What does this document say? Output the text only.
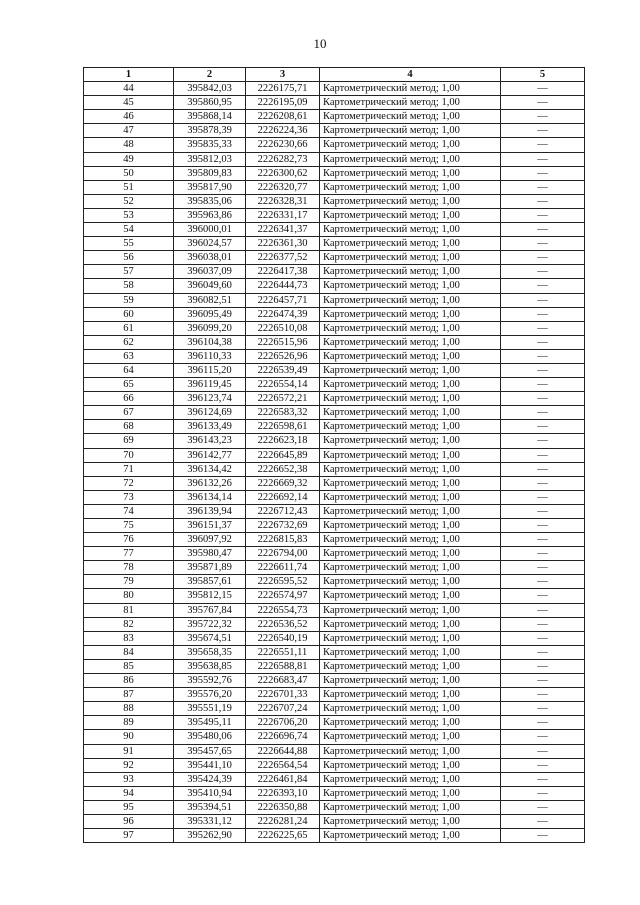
10
1	2	3	4	5
44	395842,03	2226175,71	Картометрический метод; 1,00	—
45	395860,95	2226195,09	Картометрический метод; 1,00	—
46	395868,14	2226208,61	Картометрический метод; 1,00	—
47	395878,39	2226224,36	Картометрический метод; 1,00	—
48	395835,33	2226230,66	Картометрический метод; 1,00	—
49	395812,03	2226282,73	Картометрический метод; 1,00	—
50	395809,83	2226300,62	Картометрический метод; 1,00	—
51	395817,90	2226320,77	Картометрический метод; 1,00	—
52	395835,06	2226328,31	Картометрический метод; 1,00	—
53	395963,86	2226331,17	Картометрический метод; 1,00	—
54	396000,01	2226341,37	Картометрический метод; 1,00	—
55	396024,57	2226361,30	Картометрический метод; 1,00	—
56	396038,01	2226377,52	Картометрический метод; 1,00	—
57	396037,09	2226417,38	Картометрический метод; 1,00	—
58	396049,60	2226444,73	Картометрический метод; 1,00	—
59	396082,51	2226457,71	Картометрический метод; 1,00	—
60	396095,49	2226474,39	Картометрический метод; 1,00	—
61	396099,20	2226510,08	Картометрический метод; 1,00	—
62	396104,38	2226515,96	Картометрический метод; 1,00	—
63	396110,33	2226526,96	Картометрический метод; 1,00	—
64	396115,20	2226539,49	Картометрический метод; 1,00	—
65	396119,45	2226554,14	Картометрический метод; 1,00	—
66	396123,74	2226572,21	Картометрический метод; 1,00	—
67	396124,69	2226583,32	Картометрический метод; 1,00	—
68	396133,49	2226598,61	Картометрический метод; 1,00	—
69	396143,23	2226623,18	Картометрический метод; 1,00	—
70	396142,77	2226645,89	Картометрический метод; 1,00	—
71	396134,42	2226652,38	Картометрический метод; 1,00	—
72	396132,26	2226669,32	Картометрический метод; 1,00	—
73	396134,14	2226692,14	Картометрический метод; 1,00	—
74	396139,94	2226712,43	Картометрический метод; 1,00	—
75	396151,37	2226732,69	Картометрический метод; 1,00	—
76	396097,92	2226815,83	Картометрический метод; 1,00	—
77	395980,47	2226794,00	Картометрический метод; 1,00	—
78	395871,89	2226611,74	Картометрический метод; 1,00	—
79	395857,61	2226595,52	Картометрический метод; 1,00	—
80	395812,15	2226574,97	Картометрический метод; 1,00	—
81	395767,84	2226554,73	Картометрический метод; 1,00	—
82	395722,32	2226536,52	Картометрический метод; 1,00	—
83	395674,51	2226540,19	Картометрический метод; 1,00	—
84	395658,35	2226551,11	Картометрический метод; 1,00	—
85	395638,85	2226588,81	Картометрический метод; 1,00	—
86	395592,76	2226683,47	Картометрический метод; 1,00	—
87	395576,20	2226701,33	Картометрический метод; 1,00	—
88	395551,19	2226707,24	Картометрический метод; 1,00	—
89	395495,11	2226706,20	Картометрический метод; 1,00	—
90	395480,06	2226696,74	Картометрический метод; 1,00	—
91	395457,65	2226644,88	Картометрический метод; 1,00	—
92	395441,10	2226564,54	Картометрический метод; 1,00	—
93	395424,39	2226461,84	Картометрический метод; 1,00	—
94	395410,94	2226393,10	Картометрический метод; 1,00	—
95	395394,51	2226350,88	Картометрический метод; 1,00	—
96	395331,12	2226281,24	Картометрический метод; 1,00	—
97	395262,90	2226225,65	Картометрический метод; 1,00	—
